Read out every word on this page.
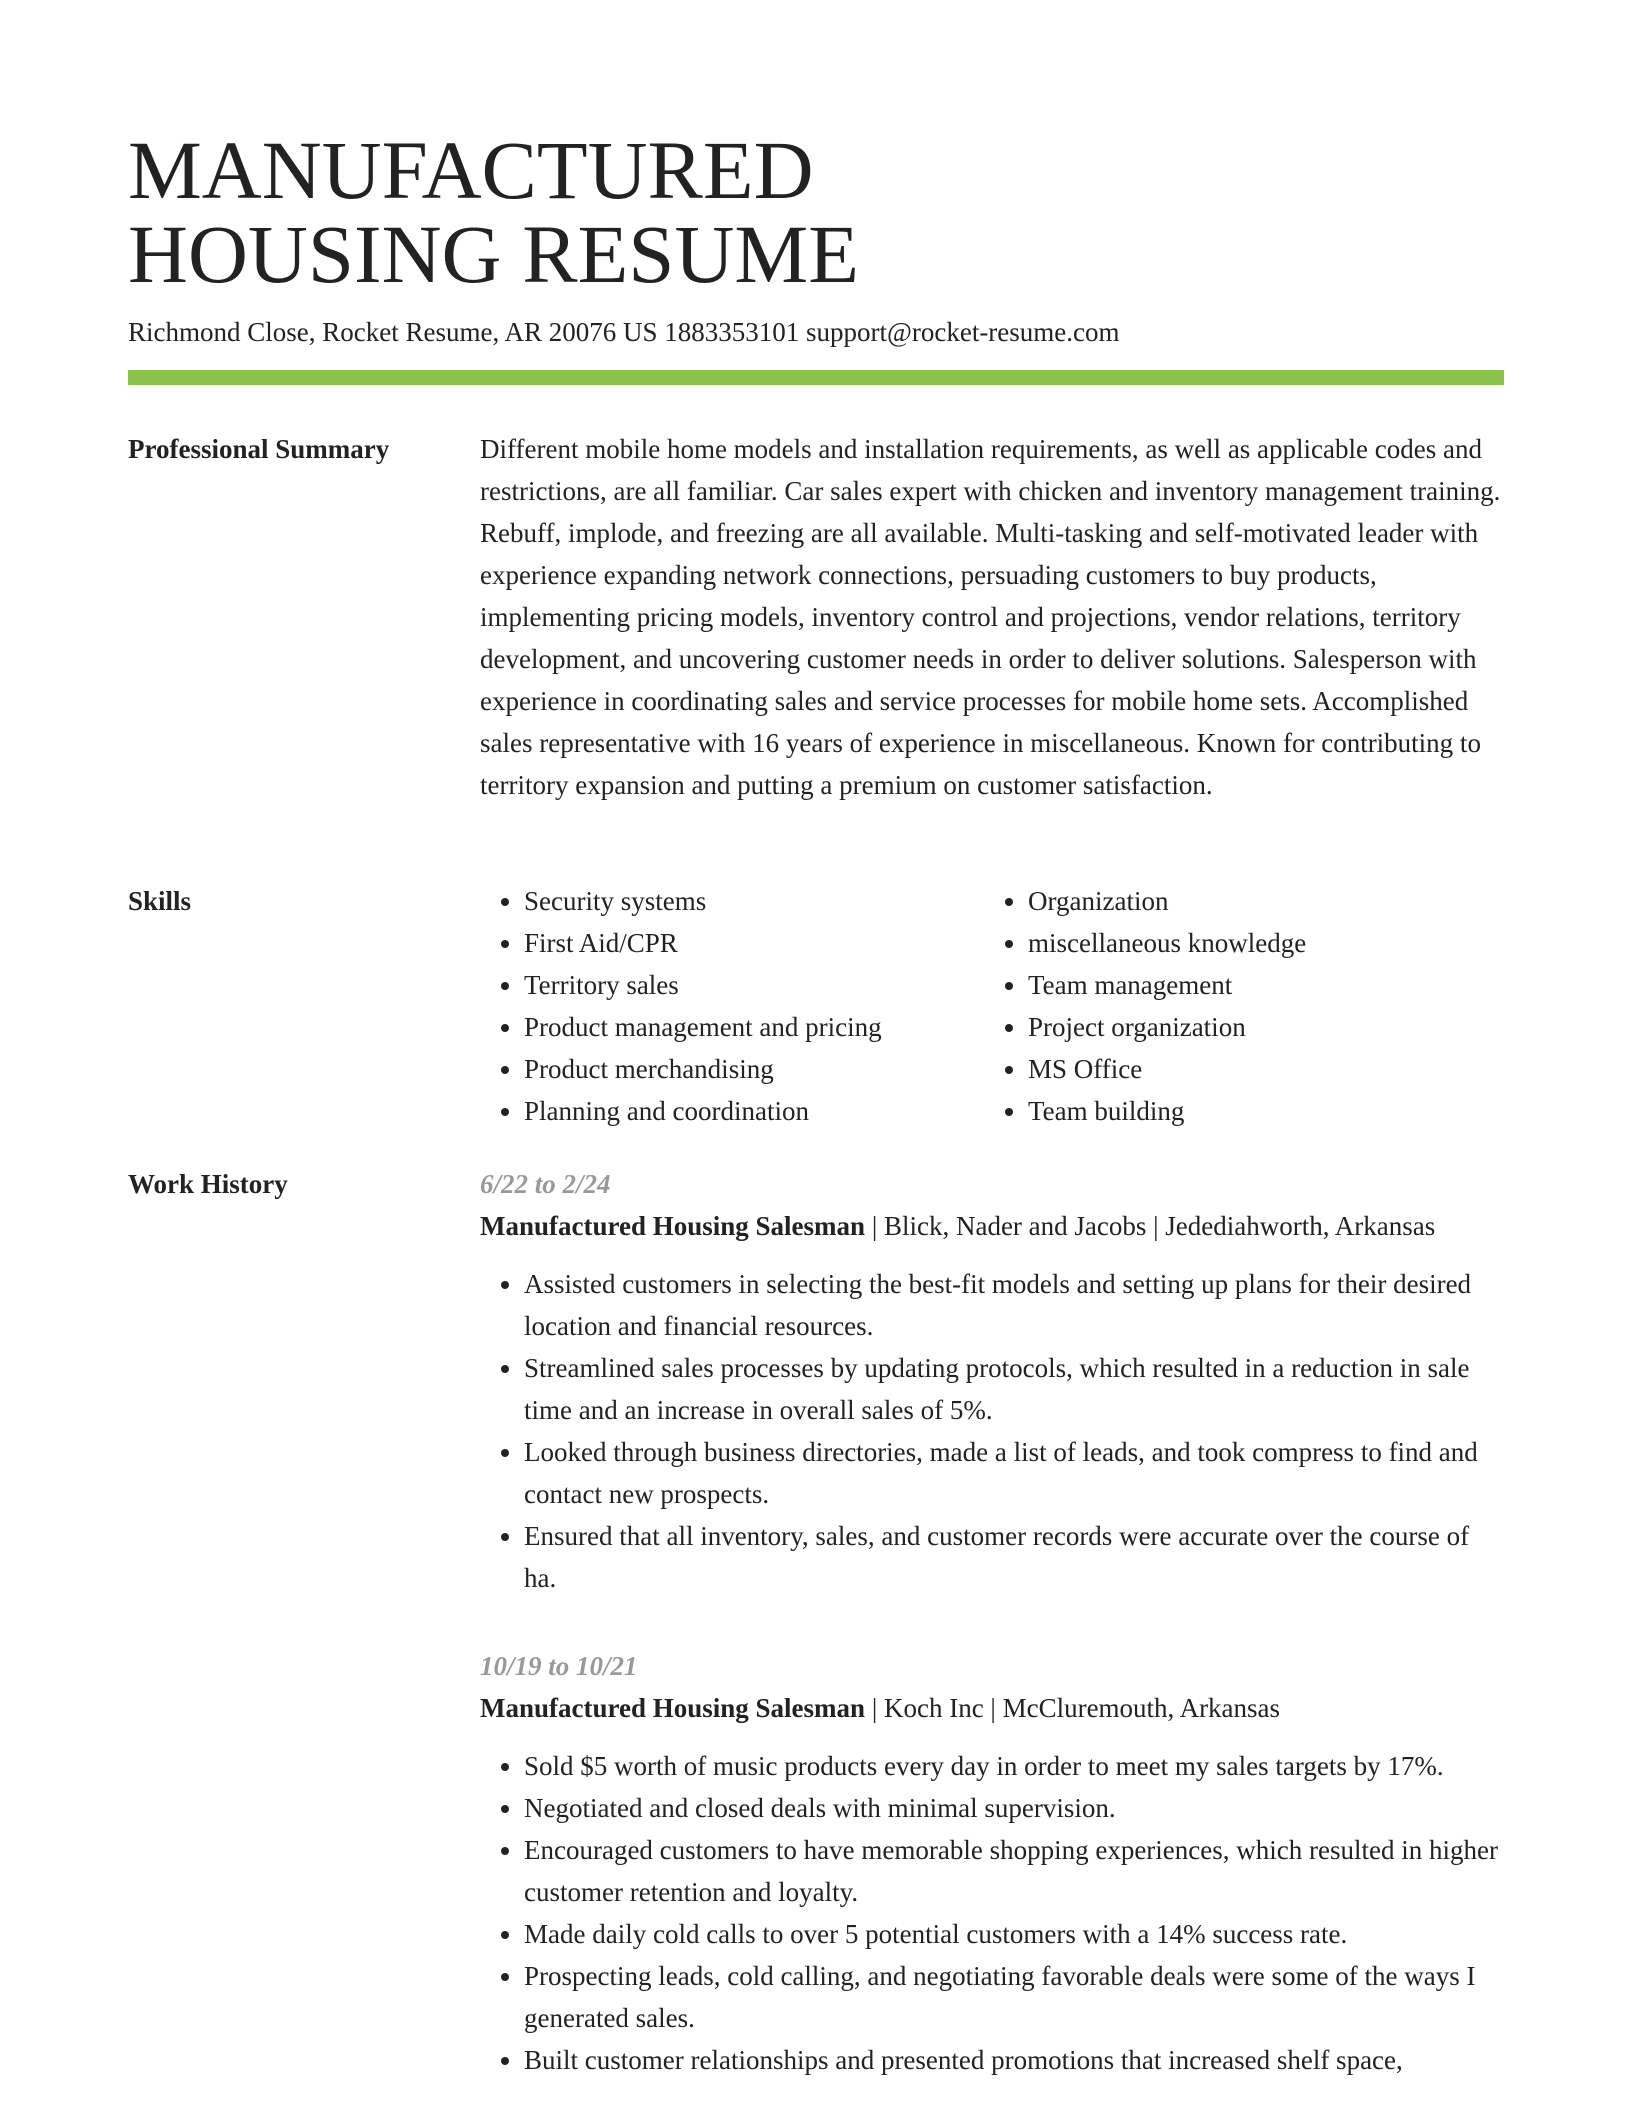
MANUFACTURED
HOUSING RESUME
Richmond Close, Rocket Resume, AR 20076 US 1883353101 support@rocket-resume.com
Professional Summary	Different mobile home models and installation requirements, as well as applicable codes and restrictions, are all familiar. Car sales expert with chicken and inventory management training. Rebuff, implode, and freezing are all available. Multi-tasking and self-motivated leader with experience expanding network connections, persuading customers to buy products, implementing pricing models, inventory control and projections, vendor relations, territory development, and uncovering customer needs in order to deliver solutions. Salesperson with experience in coordinating sales and service processes for mobile home sets. Accomplished sales representative with 16 years of experience in miscellaneous. Known for contributing to territory expansion and putting a premium on customer satisfaction.

Skills
•	Security systems
• First Aid/CPR
• Territory sales
• Product management and pricing
• Product merchandising
• Planning and coordination
• Organization
• miscellaneous knowledge
• Team management
• Project organization
• MS Office
• Team building
Work History	6/22 to 2/24
Manufactured Housing Salesman | Blick, Nader and Jacobs | Jedediahworth, Arkansas
• Assisted customers in selecting the best-fit models and setting up plans for their desired location and financial resources.
• Streamlined sales processes by updating protocols, which resulted in a reduction in sale time and an increase in overall sales of 5%.
• Looked through business directories, made a list of leads, and took compress to find and contact new prospects.
• Ensured that all inventory, sales, and customer records were accurate over the course of ha.
10/19 to 10/21
Manufactured Housing Salesman | Koch Inc | McCluremouth, Arkansas
• Sold $5 worth of music products every day in order to meet my sales targets by 17%.
• Negotiated and closed deals with minimal supervision.
• Encouraged customers to have memorable shopping experiences, which resulted in higher customer retention and loyalty.
• Made daily cold calls to over 5 potential customers with a 14% success rate.
• Prospecting leads, cold calling, and negotiating favorable deals were some of the ways I generated sales.
• Built customer relationships and presented promotions that increased shelf space,
